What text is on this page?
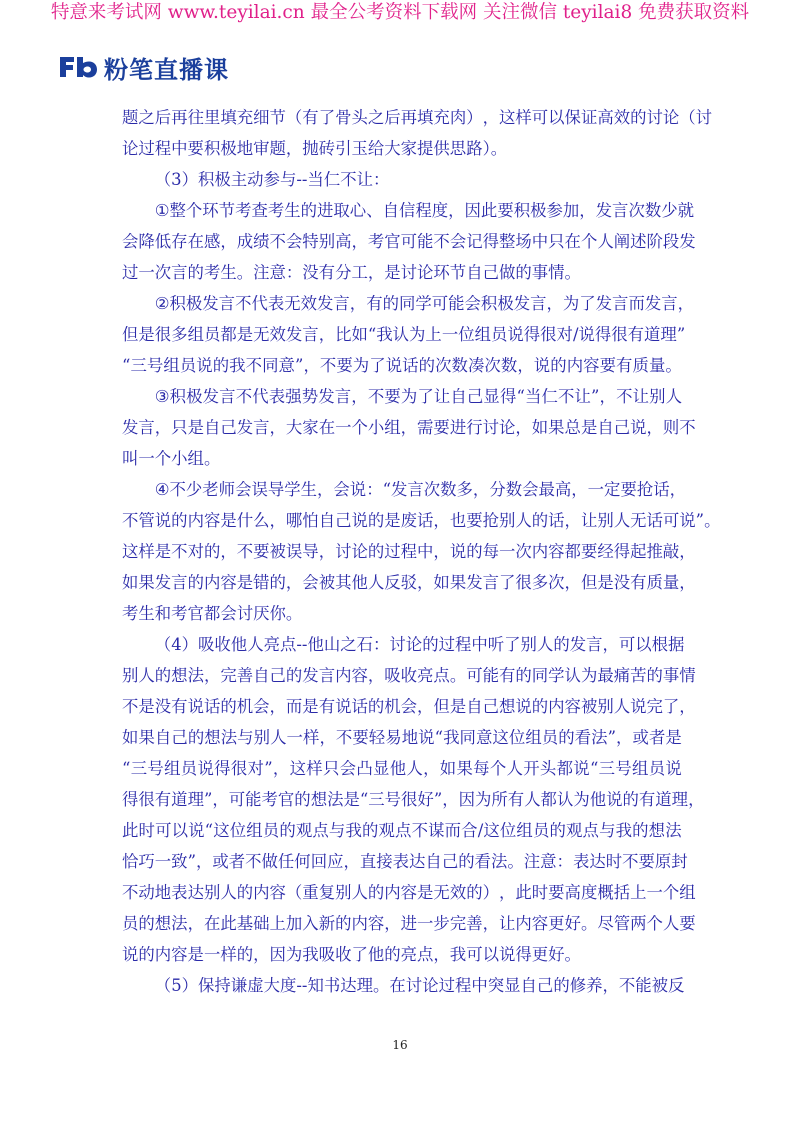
特意来考试网 www.teyilai.cn 最全公考资料下载网 关注微信 teyilai8 免费获取资料
粉笔直播课
题 之 后 再 往 里 填 充 细 节 （ 有 了 骨 头 之 后 再 填 充 肉 ） ， 这 样 可 以 保 证 高 效 的 讨 论 （ 讨
论过程中要积极地审题，抛砖引玉给大家提供思路）。
（3）积极主动参与--当仁不让：
① 整 个 环 节 考 查 考 生 的 进 取 心 、 自 信 程 度 ， 因 此 要 积 极 参 加 ， 发 言 次 数 少 就
会 降 低 存 在 感 ， 成 绩 不 会 特 别 高 ， 考 官 可 能 不 会 记 得 整 场 中 只 在 个 人 阐 述 阶 段 发
过一次言的考生。注意：没有分工，是讨论环节自己做的事情。
② 积 极 发 言 不 代 表 无 效 发 言 ， 有 的 同 学 可 能 会 积 极 发 言 ， 为 了 发 言 而 发 言 ，
但 是 很 多 组 员 都 是 无 效 发 言 ， 比 如 “ 我 认 为 上 一 位 组 员 说 得 很 对 / 说 得 很 有 道 理 ”
“ 三 号 组 员 说 的 我 不 同 意 ” ， 不 要 为 了 说 话 的 次 数 凑 次 数 ， 说 的 内 容 要 有 质 量 。
③ 积 极 发 言 不 代 表 强 势 发 言 ， 不 要 为 了 让 自 己 显 得 “ 当 仁 不 让 ” ， 不 让 别 人
发 言 ， 只 是 自 己 发 言 ， 大 家 在 一 个 小 组 ， 需 要 进 行 讨 论 ， 如 果 总 是 自 己 说 ， 则 不
叫一个小组。
④ 不 少 老 师 会 误 导 学 生 ， 会 说 ： “ 发 言 次 数 多 ， 分 数 会 最 高 ， 一 定 要 抢 话 ，
不 管 说 的 内 容 是 什 么 ， 哪 怕 自 己 说 的 是 废 话 ， 也 要 抢 别 人 的 话 ， 让 别 人 无 话 可 说 ” 。
这 样 是 不 对 的 ， 不 要 被 误 导 ， 讨 论 的 过 程 中 ， 说 的 每 一 次 内 容 都 要 经 得 起 推 敲 ，
如 果 发 言 的 内 容 是 错 的 ， 会 被 其 他 人 反 驳 ， 如 果 发 言 了 很 多 次 ， 但 是 没 有 质 量 ，
考生和考官都会讨厌你。
（ 4 ） 吸 收 他 人 亮 点 - - 他 山 之 石 ： 讨 论 的 过 程 中 听 了 别 人 的 发 言 ， 可 以 根 据
别 人 的 想 法 ， 完 善 自 己 的 发 言 内 容 ， 吸 收 亮 点 。 可 能 有 的 同 学 认 为 最 痛 苦 的 事 情
不 是 没 有 说 话 的 机 会 ， 而 是 有 说 话 的 机 会 ， 但 是 自 己 想 说 的 内 容 被 别 人 说 完 了 ，
如 果 自 己 的 想 法 与 别 人 一 样 ， 不 要 轻 易 地 说 “ 我 同 意 这 位 组 员 的 看 法 ” ， 或 者 是
“ 三 号 组 员 说 得 很 对 ” ， 这 样 只 会 凸 显 他 人 ， 如 果 每 个 人 开 头 都 说 “ 三 号 组 员 说
得 很 有 道 理 ” ， 可 能 考 官 的 想 法 是 “ 三 号 很 好 ” ， 因 为 所 有 人 都 认 为 他 说 的 有 道 理 ，
此 时 可 以 说 “ 这 位 组 员 的 观 点 与 我 的 观 点 不 谋 而 合 / 这 位 组 员 的 观 点 与 我 的 想 法
恰 巧 一 致 ” ， 或 者 不 做 任 何 回 应 ， 直 接 表 达 自 己 的 看 法 。 注 意 ： 表 达 时 不 要 原 封
不 动 地 表 达 别 人 的 内 容 （ 重 复 别 人 的 内 容 是 无 效 的 ） ， 此 时 要 高 度 概 括 上 一 个 组
员 的 想 法 ， 在 此 基 础 上 加 入 新 的 内 容 ， 进 一 步 完 善 ， 让 内 容 更 好 。 尽 管 两 个 人 要
说的内容是一样的，因为我吸收了他的亮点，我可以说得更好。
（ 5 ） 保 持 谦 虚 大 度 - - 知 书 达 理 。 在 讨 论 过 程 中 突 显 自 己 的 修 养 ， 不 能 被 反
16
